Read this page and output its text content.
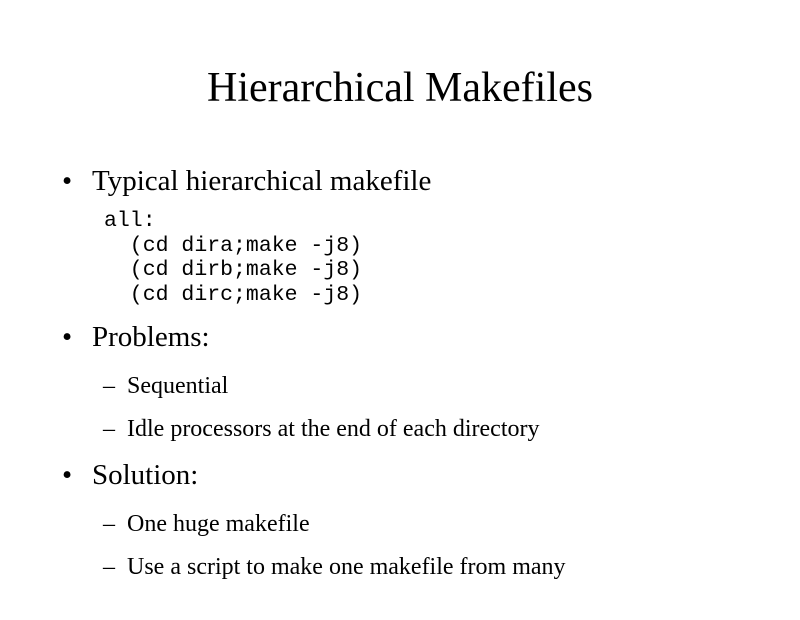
Hierarchical Makefiles
• Typical hierarchical makefile
all:
(cd dira;make -j8)
(cd dirb;make -j8)
(cd dirc;make -j8)
• Problems:
– Sequential
– Idle processors at the end of each directory
• Solution:
– One huge makefile
– Use a script to make one makefile from many
